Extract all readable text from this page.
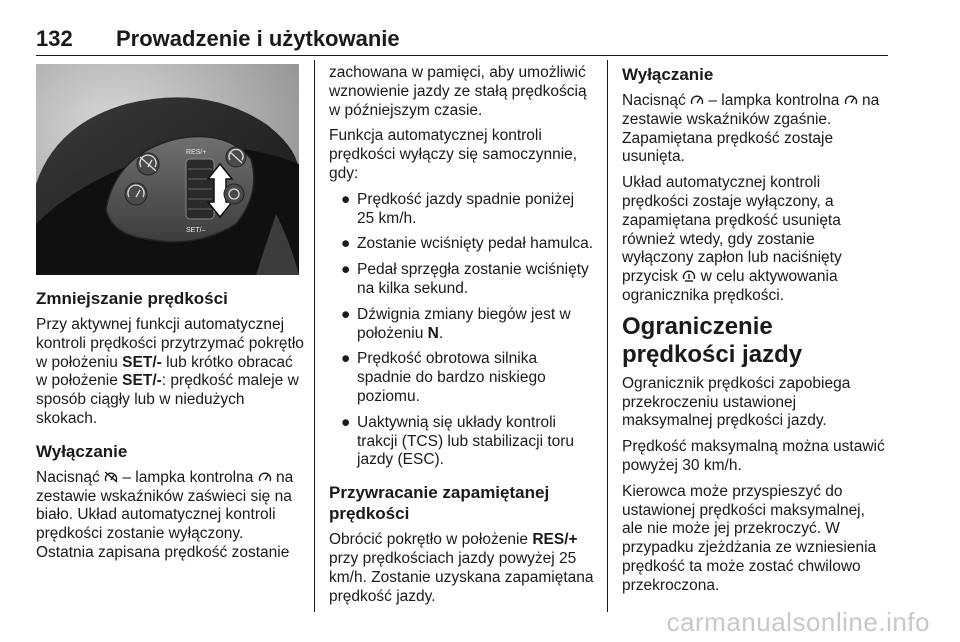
132 Prowadzenie i użytkowanie
RES/+
SET/–
Zmniejszanie prędkości

Przy aktywnej funkcji automatycznej kontroli prędkości przytrzymać pokrętło w położeniu SET/- lub krótko obracać w położenie SET/-: prędkość maleje w sposób ciągły lub w niedużych skokach.

Wyłączanie

Nacisnąć  – lampka kontrolna  na zestawie wskaźników zaświeci się na biało. Układ automatycznej kontroli prędkości zostanie wyłączony. Ostatnia zapisana prędkość zostanie

zachowana w pamięci, aby umożliwić wznowienie jazdy ze stałą prędkością w późniejszym czasie.

Funkcja automatycznej kontroli prędkości wyłączy się samoczynnie, gdy:

● Prędkość jazdy spadnie poniżej 25 km/h.
● Zostanie wciśnięty pedał hamulca.
● Pedał sprzęgła zostanie wciśnięty na kilka sekund.
● Dźwignia zmiany biegów jest w położeniu N.
● Prędkość obrotowa silnika spadnie do bardzo niskiego poziomu.
● Uaktywnią się układy kontroli trakcji (TCS) lub stabilizacji toru jazdy (ESC).
Przywracanie zapamiętanej prędkości

Obrócić pokrętło w położenie RES/+ przy prędkościach jazdy powyżej 25 km/h. Zostanie uzyskana zapamiętana prędkość jazdy.

Wyłączanie

Nacisnąć  – lampka kontrolna  na zestawie wskaźników zgaśnie. Zapamiętana prędkość zostaje usunięta.

Układ automatycznej kontroli prędkości zostaje wyłączony, a zapamiętana prędkość usunięta również wtedy, gdy zostanie wyłączony zapłon lub naciśnięty przycisk  w celu aktywowania ogranicznika prędkości.

Ograniczenie prędkości jazdy

Ogranicznik prędkości zapobiega przekroczeniu ustawionej maksymalnej prędkości jazdy.

Prędkość maksymalną można ustawić powyżej 30 km/h.

Kierowca może przyspieszyć do ustawionej prędkości maksymalnej, ale nie może jej przekroczyć. W przypadku zjeżdżania ze wzniesienia prędkość ta może zostać chwilowo przekroczona.

carmanualsonline.info
